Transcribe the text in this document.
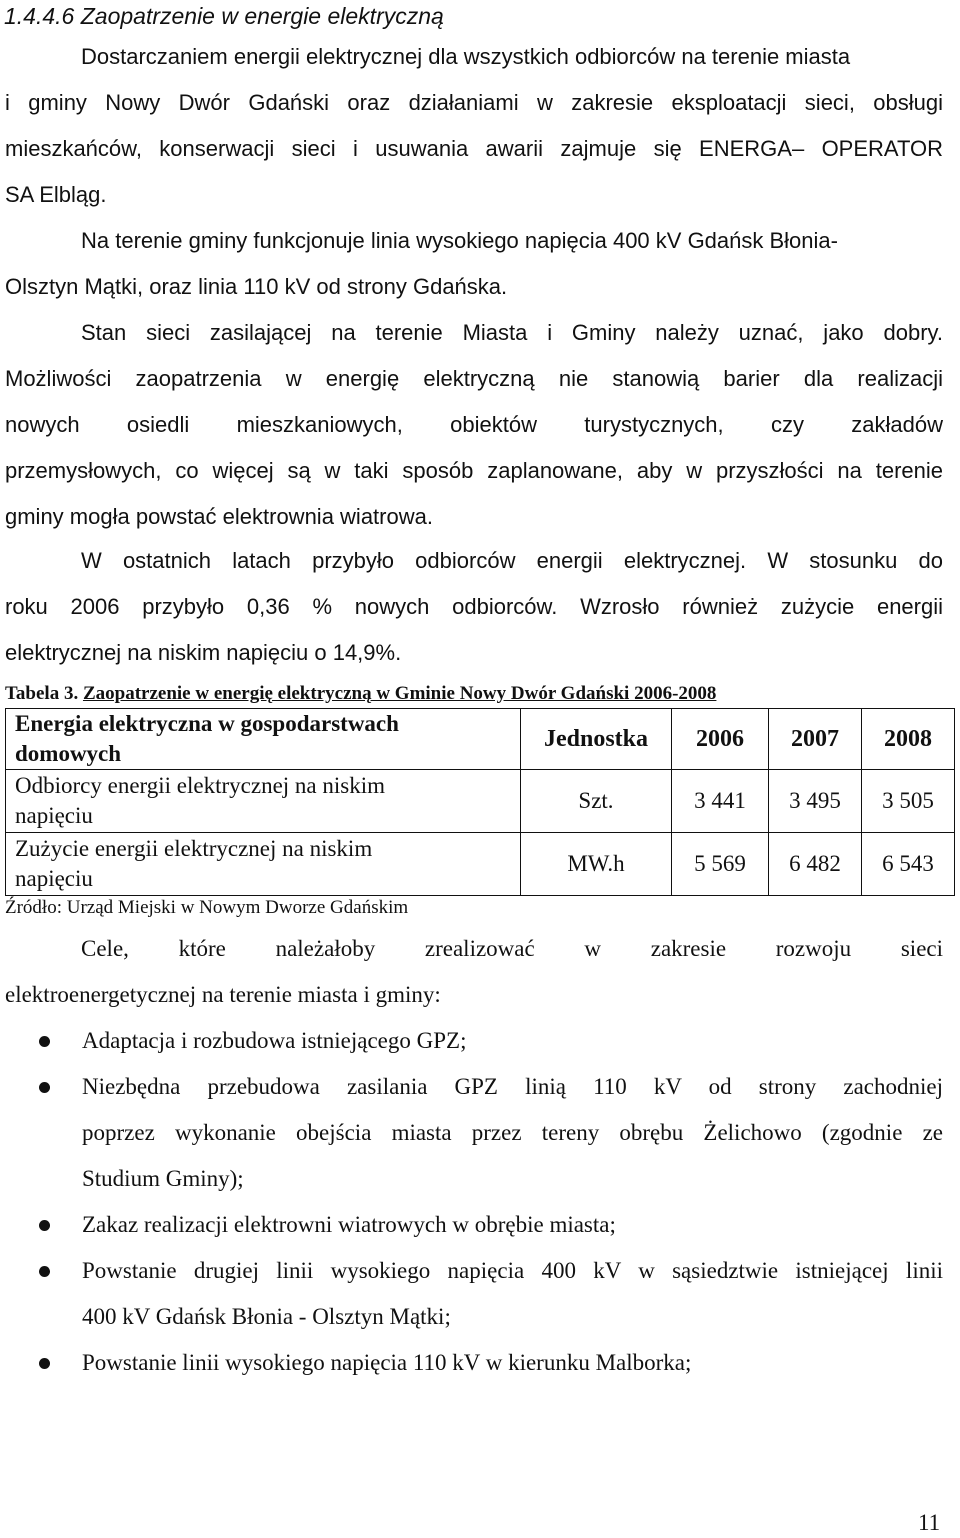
1.4.4.6 Zaopatrzenie w energie elektryczną
Dostarczaniem energii elektrycznej dla wszystkich odbiorców na terenie miasta
i gminy Nowy Dwór Gdański oraz działaniami w zakresie eksploatacji sieci, obsługi
mieszkańców, konserwacji sieci i usuwania awarii zajmuje się ENERGA– OPERATOR
SA Elbląg.
Na terenie gminy funkcjonuje linia wysokiego napięcia 400 kV Gdańsk Błonia-
Olsztyn Mątki, oraz linia 110 kV od strony Gdańska.
Stan sieci zasilającej na terenie Miasta i Gminy należy uznać, jako dobry.
Możliwości zaopatrzenia w energię elektryczną nie stanowią barier dla realizacji
nowych osiedli mieszkaniowych, obiektów turystycznych, czy zakładów
przemysłowych, co więcej są w taki sposób zaplanowane, aby w przyszłości na terenie
gminy mogła powstać elektrownia wiatrowa.
W ostatnich latach przybyło odbiorców energii elektrycznej. W stosunku do
roku 2006 przybyło 0,36 % nowych odbiorców. Wzrosło również zużycie energii
elektrycznej na niskim napięciu o 14,9%.
Tabela 3. Zaopatrzenie w energię elektryczną w Gminie Nowy Dwór Gdański 2006-2008
Energia elektryczna w gospodarstwach
domowych	Jednostka	2006	2007	2008
Odbiorcy energii elektrycznej na niskim
napięciu	Szt.	3 441	3 495	3 505
Zużycie energii elektrycznej na niskim
napięciu	MW.h	5 569	6 482	6 543
Źródło: Urząd Miejski w Nowym Dworze Gdańskim
Cele, które należałoby zrealizować w zakresie rozwoju sieci
elektroenergetycznej na terenie miasta i gminy:
Adaptacja i rozbudowa istniejącego GPZ;
Niezbędna przebudowa zasilania GPZ linią 110 kV od strony zachodniej
poprzez wykonanie obejścia miasta przez tereny obrębu Żelichowo (zgodnie ze
Studium Gminy);
Zakaz realizacji elektrowni wiatrowych w obrębie miasta;
Powstanie drugiej linii wysokiego napięcia 400 kV w sąsiedztwie istniejącej linii
400 kV Gdańsk Błonia - Olsztyn Mątki;
Powstanie linii wysokiego napięcia 110 kV w kierunku Malborka;
11
